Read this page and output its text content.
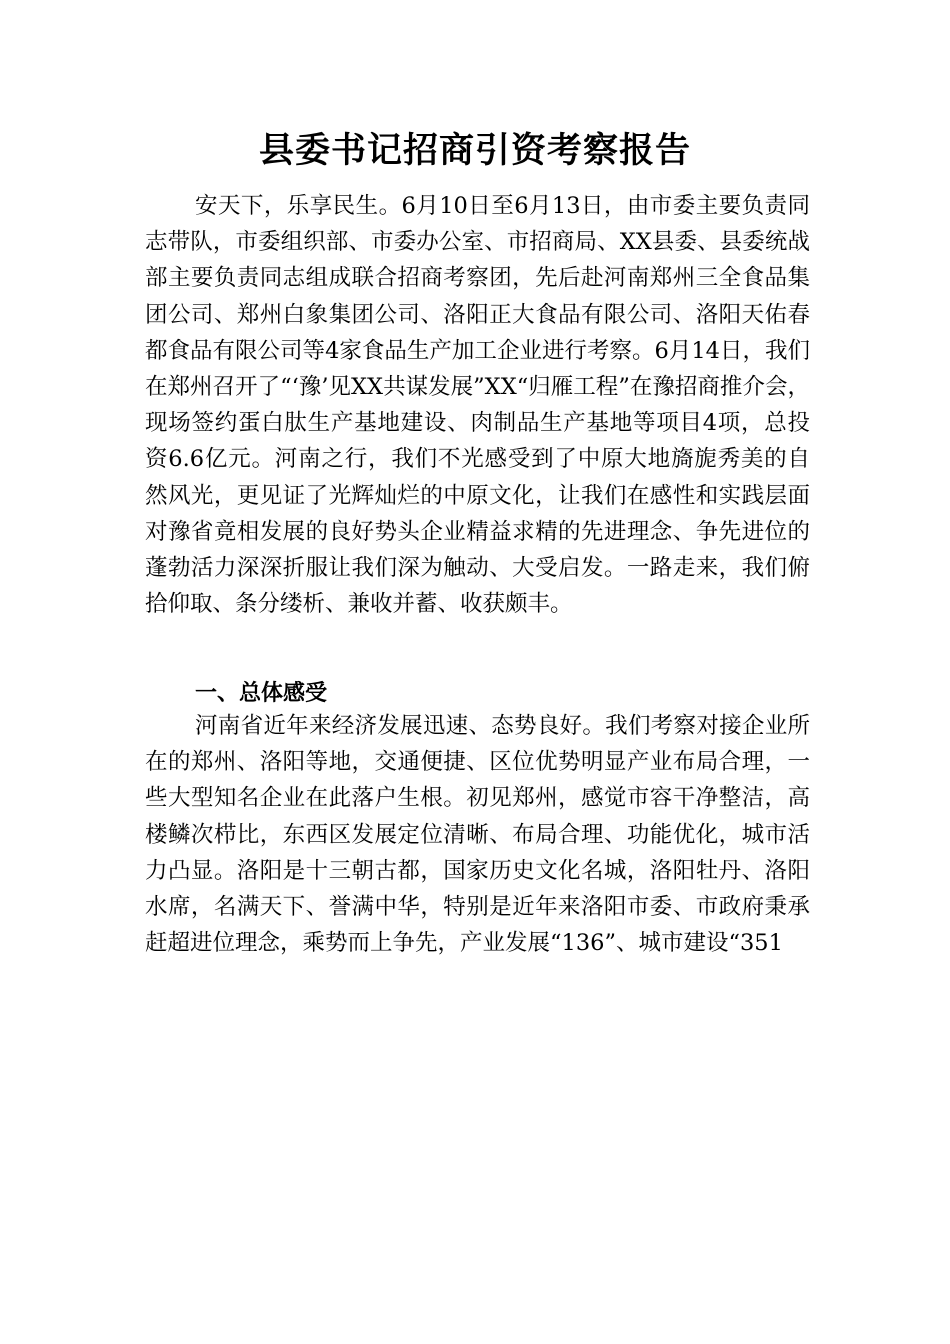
县委书记招商引资考察报告

安天下，乐享民生。6月10日至6月13日，由市委主要负责同志带队，市委组织部、市委办公室、市招商局、XX县委、县委统战部主要负责同志组成联合招商考察团，先后赴河南郑州三全食品集团公司、郑州白象集团公司、洛阳正大食品有限公司、洛阳天佑春都食品有限公司等4家食品生产加工企业进行考察。6月14日，我们在郑州召开了“‘豫’见XX共谋发展”XX“归雁工程”在豫招商推介会，现场签约蛋白肽生产基地建设、肉制品生产基地等项目4项，总投资6.6亿元。河南之行，我们不光感受到了中原大地旖旎秀美的自然风光，更见证了光辉灿烂的中原文化，让我们在感性和实践层面对豫省竟相发展的良好势头企业精益求精的先进理念、争先进位的蓬勃活力深深折服让我们深为触动、大受启发。一路走来，我们俯拾仰取、条分缕析、兼收并蓄、收获颇丰。

一、总体感受

河南省近年来经济发展迅速、态势良好。我们考察对接企业所在的郑州、洛阳等地，交通便捷、区位优势明显产业布局合理，一些大型知名企业在此落户生根。初见郑州，感觉市容干净整洁，高楼鳞次栉比，东西区发展定位清晰、布局合理、功能优化，城市活力凸显。洛阳是十三朝古都，国家历史文化名城，洛阳牡丹、洛阳水席，名满天下、誉满中华，特别是近年来洛阳市委、市政府秉承赶超进位理念，乘势而上争先，产业发展“136”、城市建设“351
